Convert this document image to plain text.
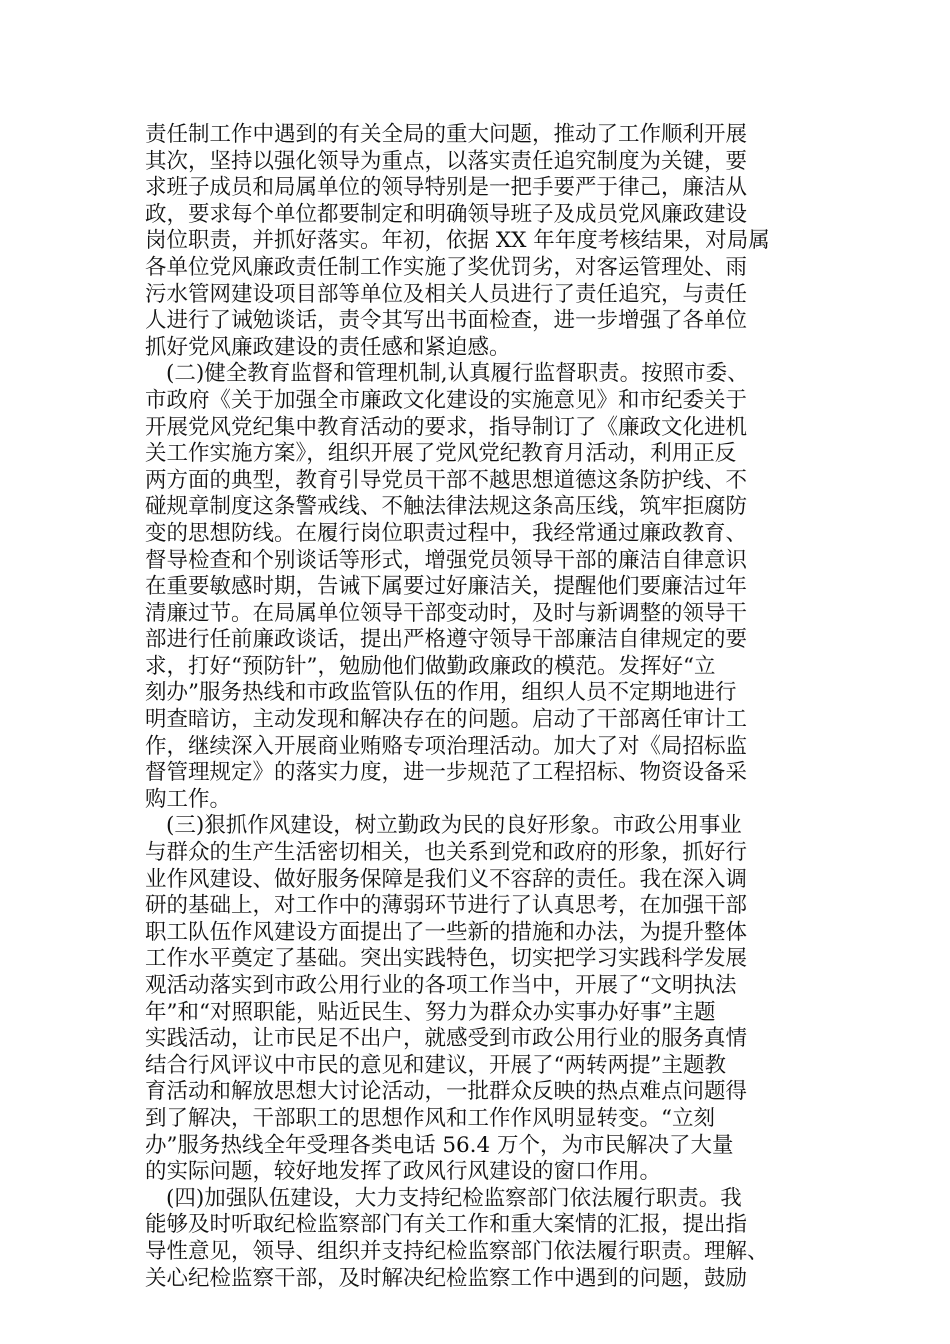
责任制工作中遇到的有关全局的重大问题，推动了工作顺利开展
其次，坚持以强化领导为重点，以落实责任追究制度为关键，要
求班子成员和局属单位的领导特别是一把手要严于律己，廉洁从
政，要求每个单位都要制定和明确领导班子及成员党风廉政建设
岗位职责，并抓好落实。年初，依据 XX 年年度考核结果，对局属
各单位党风廉政责任制工作实施了奖优罚劣，对客运管理处、雨
污水管网建设项目部等单位及相关人员进行了责任追究，与责任
人进行了诫勉谈话，责令其写出书面检查，进一步增强了各单位
抓好党风廉政建设的责任感和紧迫感。
(二)健全教育监督和管理机制,认真履行监督职责。按照市委、
市政府《关于加强全市廉政文化建设的实施意见》和市纪委关于
开展党风党纪集中教育活动的要求，指导制订了《廉政文化进机
关工作实施方案》，组织开展了党风党纪教育月活动，利用正反
两方面的典型，教育引导党员干部不越思想道德这条防护线、不
碰规章制度这条警戒线、不触法律法规这条高压线，筑牢拒腐防
变的思想防线。在履行岗位职责过程中，我经常通过廉政教育、
督导检查和个别谈话等形式，增强党员领导干部的廉洁自律意识
在重要敏感时期，告诫下属要过好廉洁关，提醒他们要廉洁过年
清廉过节。在局属单位领导干部变动时，及时与新调整的领导干
部进行任前廉政谈话，提出严格遵守领导干部廉洁自律规定的要
求，打好“预防针”，勉励他们做勤政廉政的模范。发挥好“立
刻办”服务热线和市政监管队伍的作用，组织人员不定期地进行
明查暗访，主动发现和解决存在的问题。启动了干部离任审计工
作，继续深入开展商业贿赂专项治理活动。加大了对《局招标监
督管理规定》的落实力度，进一步规范了工程招标、物资设备采
购工作。
(三)狠抓作风建设，树立勤政为民的良好形象。市政公用事业
与群众的生产生活密切相关，也关系到党和政府的形象，抓好行
业作风建设、做好服务保障是我们义不容辞的责任。我在深入调
研的基础上，对工作中的薄弱环节进行了认真思考，在加强干部
职工队伍作风建设方面提出了一些新的措施和办法，为提升整体
工作水平奠定了基础。突出实践特色，切实把学习实践科学发展
观活动落实到市政公用行业的各项工作当中，开展了“文明执法
年”和“对照职能，贴近民生、努力为群众办实事办好事”主题
实践活动，让市民足不出户，就感受到市政公用行业的服务真情
结合行风评议中市民的意见和建议，开展了“两转两提”主题教
育活动和解放思想大讨论活动，一批群众反映的热点难点问题得
到了解决，干部职工的思想作风和工作作风明显转变。“立刻
办”服务热线全年受理各类电话 56.4 万个，为市民解决了大量
的实际问题，较好地发挥了政风行风建设的窗口作用。
(四)加强队伍建设，大力支持纪检监察部门依法履行职责。我
能够及时听取纪检监察部门有关工作和重大案情的汇报，提出指
导性意见，领导、组织并支持纪检监察部门依法履行职责。理解、
关心纪检监察干部，及时解决纪检监察工作中遇到的问题，鼓励
